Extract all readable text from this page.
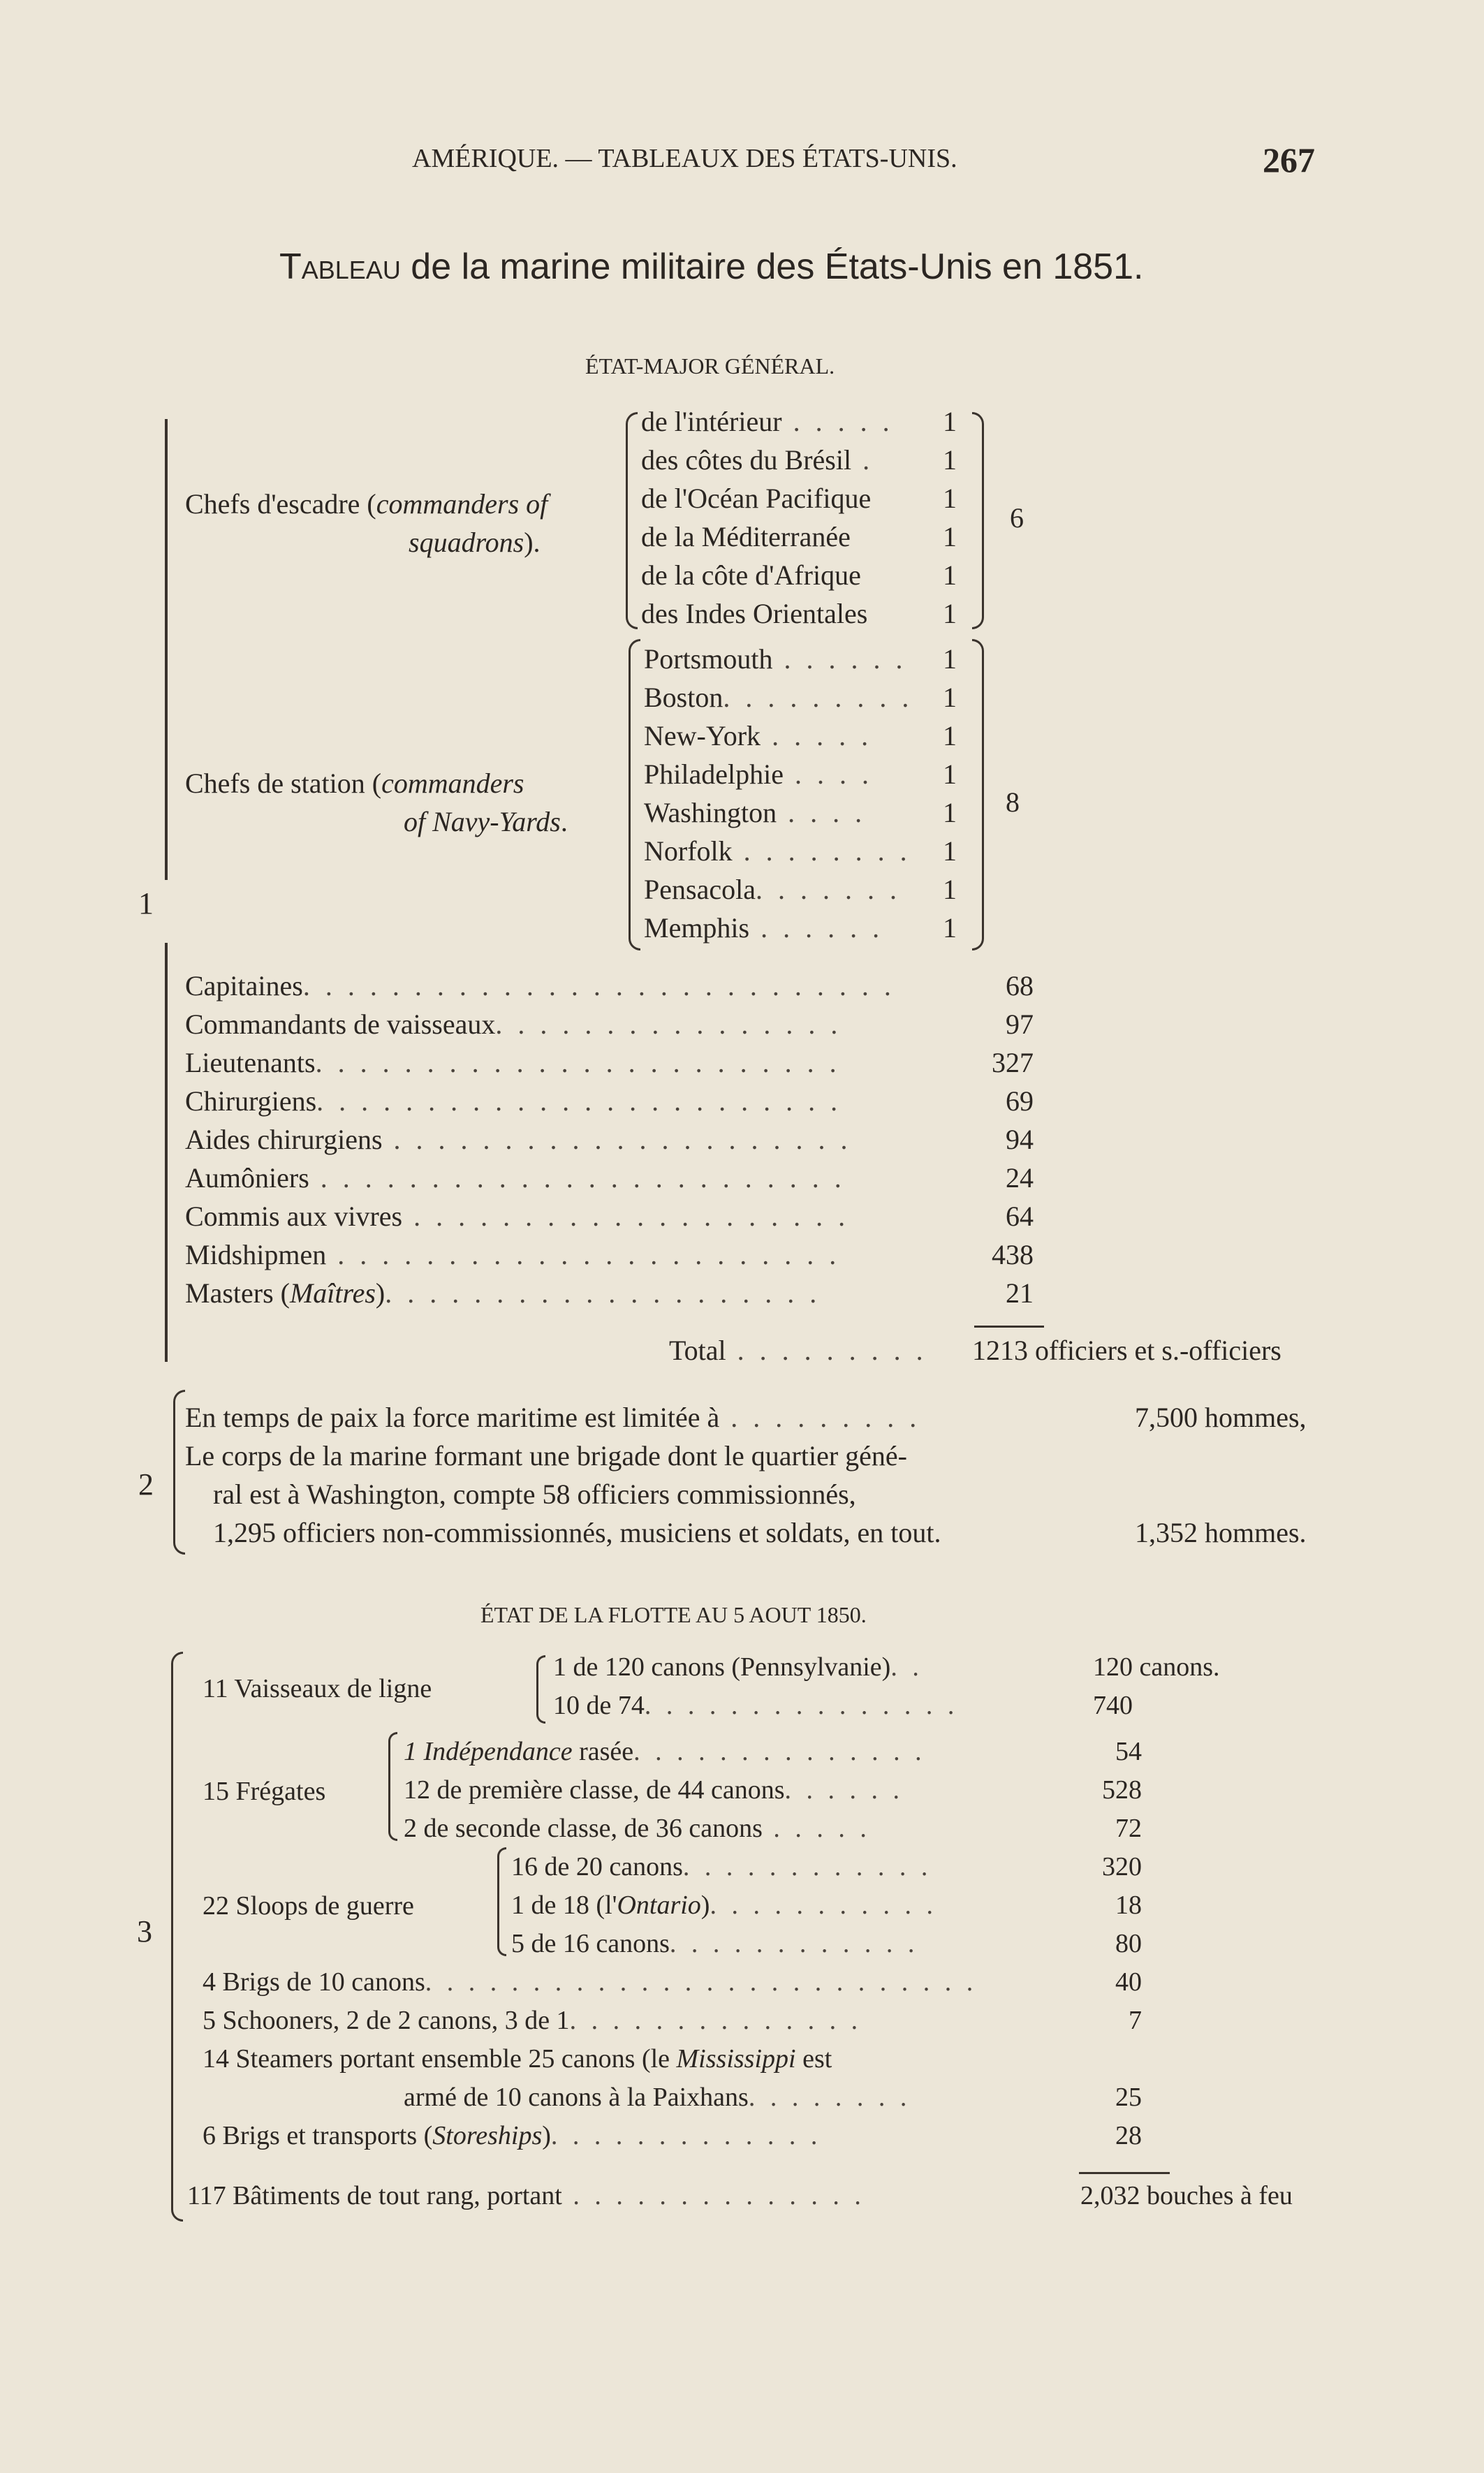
AMÉRIQUE. — TABLEAUX DES ÉTATS-UNIS.	267
Tableau de la marine militaire des États-Unis en 1851.
ÉTAT-MAJOR GÉNÉRAL.
1
Chefs d'escadre (commanders of
squadrons).
6
de l'intérieur . . . . . 1
des côtes du Brésil . 1
de l'Océan Pacifique	1
de la Méditerranée	1
de la côte d'Afrique	1
des Indes Orientales	1
Chefs de station (commanders
of Navy-Yards.
8
Portsmouth . . . . . . 1
Boston. . . . . . . . . 1
New-York . . . . .	1
Philadelphie . . . .	1
Washington . . . .	1
Norfolk . . . . . . . . 1
Pensacola. . . . . . . 1
Memphis . . . . . . 1
Capitaines. . . . . . . . . . . . . . . . . . . . . . . . . . .	68
Commandants de vaisseaux. . . . . . . . . . . . . . . .	97
Lieutenants. . . . . . . . . . . . . . . . . . . . . . . .	327
Chirurgiens. . . . . . . . . . . . . . . . . . . . . . . .	69
Aides chirurgiens . . . . . . . . . . . . . . . . . . . . .	94
Aumôniers . . . . . . . . . . . . . . . . . . . . . . . .	24
Commis aux vivres . . . . . . . . . . . . . . . . . . . .	64
Midshipmen . . . . . . . . . . . . . . . . . . . . . . .	438
Masters (Maîtres). . . . . . . . . . . . . . . . . . . .	21
Total . . . . . . . . . 1213 officiers et s.-officiers
2
En temps de paix la force maritime est limitée à . . . . . . . . .	7,500 hommes,
Le corps de la marine formant une brigade dont le quartier géné-
ral est à Washington, compte 58 officiers commissionnés,
1,295 officiers non-commissionnés, musiciens et soldats, en tout.	1,352 hommes.
ÉTAT DE LA FLOTTE AU 5 AOUT 1850.
3
11 Vaisseaux de ligne
1 de 120 canons (Pennsylvanie). .	120 canons.
10 de 74. . . . . . . . . . . . . . .	740
15 Frégates
1 Indépendance rasée. . . . . . . . . . . . . .	54
12 de première classe, de 44 canons. . . . . .	528
2 de seconde classe, de 36 canons . . . . .	72
22 Sloops de guerre
16 de 20 canons. . . . . . . . . . . .	320
1 de 18 (l'Ontario). . . . . . . . . . .	18
5 de 16 canons. . . . . . . . . . . .	80
4 Brigs de 10 canons. . . . . . . . . . . . . . . . . . . . . . . . . .	40
5 Schooners, 2 de 2 canons, 3 de 1. . . . . . . . . . . . . .	7
14 Steamers portant ensemble 25 canons (le Mississippi est
armé de 10 canons à la Paixhans. . . . . . . .	25
6 Brigs et transports (Storeships). . . . . . . . . . . . .	28
117 Bâtiments de tout rang, portant . . . . . . . . . . . . . .	2,032 bouches à feu
